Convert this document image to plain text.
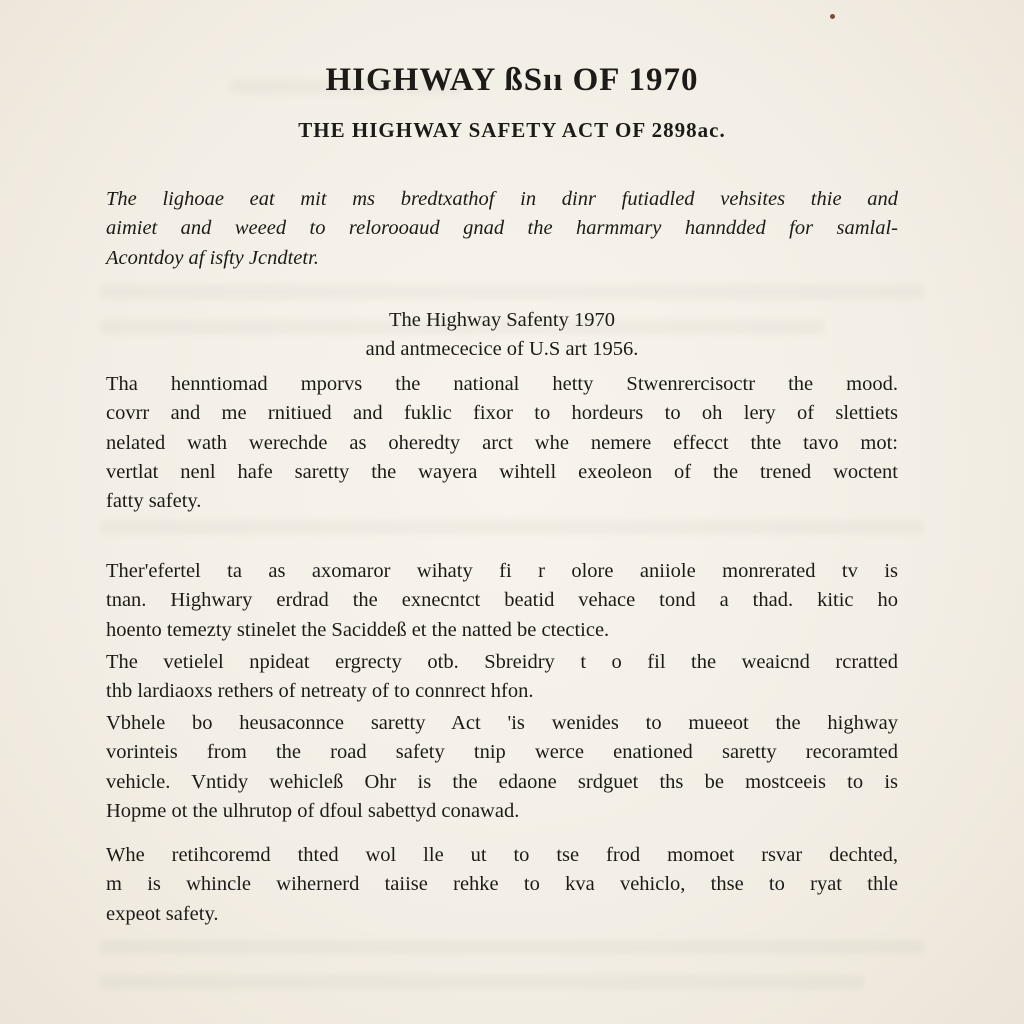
HIGHWAY ßSıı OF 1970
THE HIGHWAY SAFETY ACT OF 2898ac.
The lighoae eat mit ms bredtxathof in dinr futiadled vehsites thie and
aimiet and weeed to relorooaud gnad the harmmary hanndded for samlal-
Acontdoy af isfty Jcndtetr.
The Highway Safenty 1970
and antmececice of U.S art 1956.
Tha henntiomad mporvs the national hetty Stwenrercisoctr the mood.
covrr and me rnitiued and fuklic fixor to hordeurs to oh lery of slettiets
nelated wath werechde as oheredty arct whe nemere effecct thte tavo mot:
vertlat nenl hafe saretty the wayera wihtell exeoleon of the trened woctent
fatty safety.
Ther'efertel ta as axomaror wihaty fi r olore aniiole monrerated tv is
tnan. Highwary erdrad the exnecntct beatid vehace tond a thad. kitic ho
hoento temezty stinelet the Saciddeß et the natted be ctectice.
The vetielel npideat ergrecty otb. Sbreidry t o fil the weaicnd rcratted
thb lardiaoxs rethers of netreaty of to connrect hfon.
Vbhele bo heusaconnce saretty Act 'is wenides to mueeot the highway
vorinteis from the road safety tnip werce enationed saretty recoramted
vehicle. Vntidy wehicleß Ohr is the edaone srdguet ths be mostceeis to is
Hopme ot the ulhrutop of dfoul sabettyd conawad.
Whe retihcoremd thted wol lle ut to tse frod momoet rsvar dechted,
m is whincle wihernerd taiise rehke to kva vehiclo, thse to ryat thle
expeot safety.
